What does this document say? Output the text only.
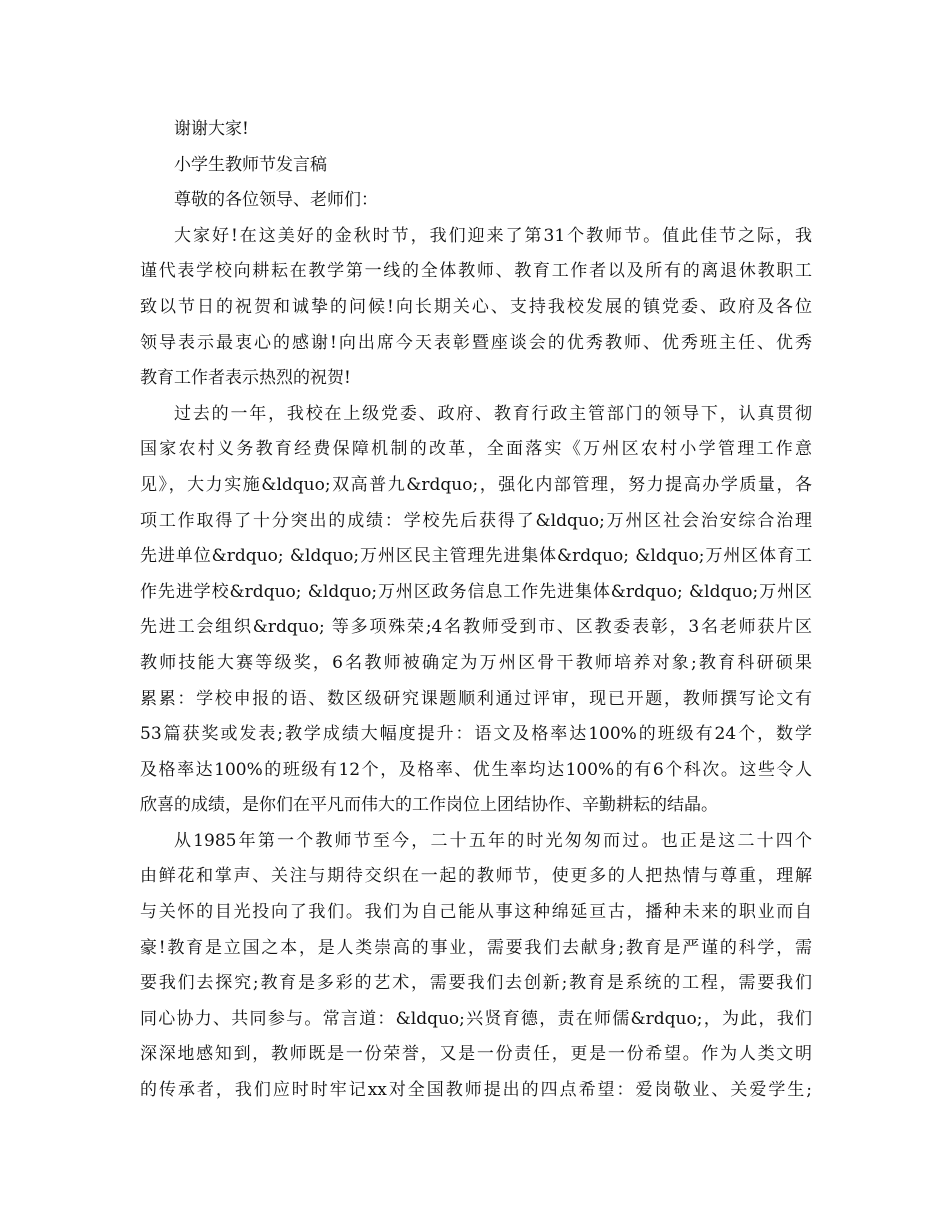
谢谢大家!
小学生教师节发言稿
尊敬的各位领导、老师们：
大家好!在这美好的金秋时节，我们迎来了第31个教师节。值此佳节之际，我
谨代表学校向耕耘在教学第一线的全体教师、教育工作者以及所有的离退休教职工
致以节日的祝贺和诚挚的问候!向长期关心、支持我校发展的镇党委、政府及各位
领导表示最衷心的感谢!向出席今天表彰暨座谈会的优秀教师、优秀班主任、优秀
教育工作者表示热烈的祝贺!
过去的一年，我校在上级党委、政府、教育行政主管部门的领导下，认真贯彻
国家农村义务教育经费保障机制的改革，全面落实《万州区农村小学管理工作意
见》，大力实施&ldquo;双高普九&rdquo;，强化内部管理，努力提高办学质量，各
项工作取得了十分突出的成绩：学校先后获得了&ldquo;万州区社会治安综合治理
先进单位&rdquo; &ldquo;万州区民主管理先进集体&rdquo; &ldquo;万州区体育工
作先进学校&rdquo; &ldquo;万州区政务信息工作先进集体&rdquo; &ldquo;万州区
先进工会组织&rdquo; 等多项殊荣;4名教师受到市、区教委表彰，3名老师获片区
教师技能大赛等级奖，6名教师被确定为万州区骨干教师培养对象;教育科研硕果
累累：学校申报的语、数区级研究课题顺利通过评审，现已开题，教师撰写论文有
53篇获奖或发表;教学成绩大幅度提升：语文及格率达100%的班级有24个，数学
及格率达100%的班级有12个，及格率、优生率均达100%的有6个科次。这些令人
欣喜的成绩，是你们在平凡而伟大的工作岗位上团结协作、辛勤耕耘的结晶。
从1985年第一个教师节至今，二十五年的时光匆匆而过。也正是这二十四个
由鲜花和掌声、关注与期待交织在一起的教师节，使更多的人把热情与尊重，理解
与关怀的目光投向了我们。我们为自己能从事这种绵延亘古，播种未来的职业而自
豪!教育是立国之本，是人类崇高的事业，需要我们去献身;教育是严谨的科学，需
要我们去探究;教育是多彩的艺术，需要我们去创新;教育是系统的工程，需要我们
同心协力、共同参与。常言道：&ldquo;兴贤育德，责在师儒&rdquo;，为此，我们
深深地感知到，教师既是一份荣誉，又是一份责任，更是一份希望。作为人类文明
的传承者，我们应时时牢记xx对全国教师提出的四点希望：爱岗敬业、关爱学生;
